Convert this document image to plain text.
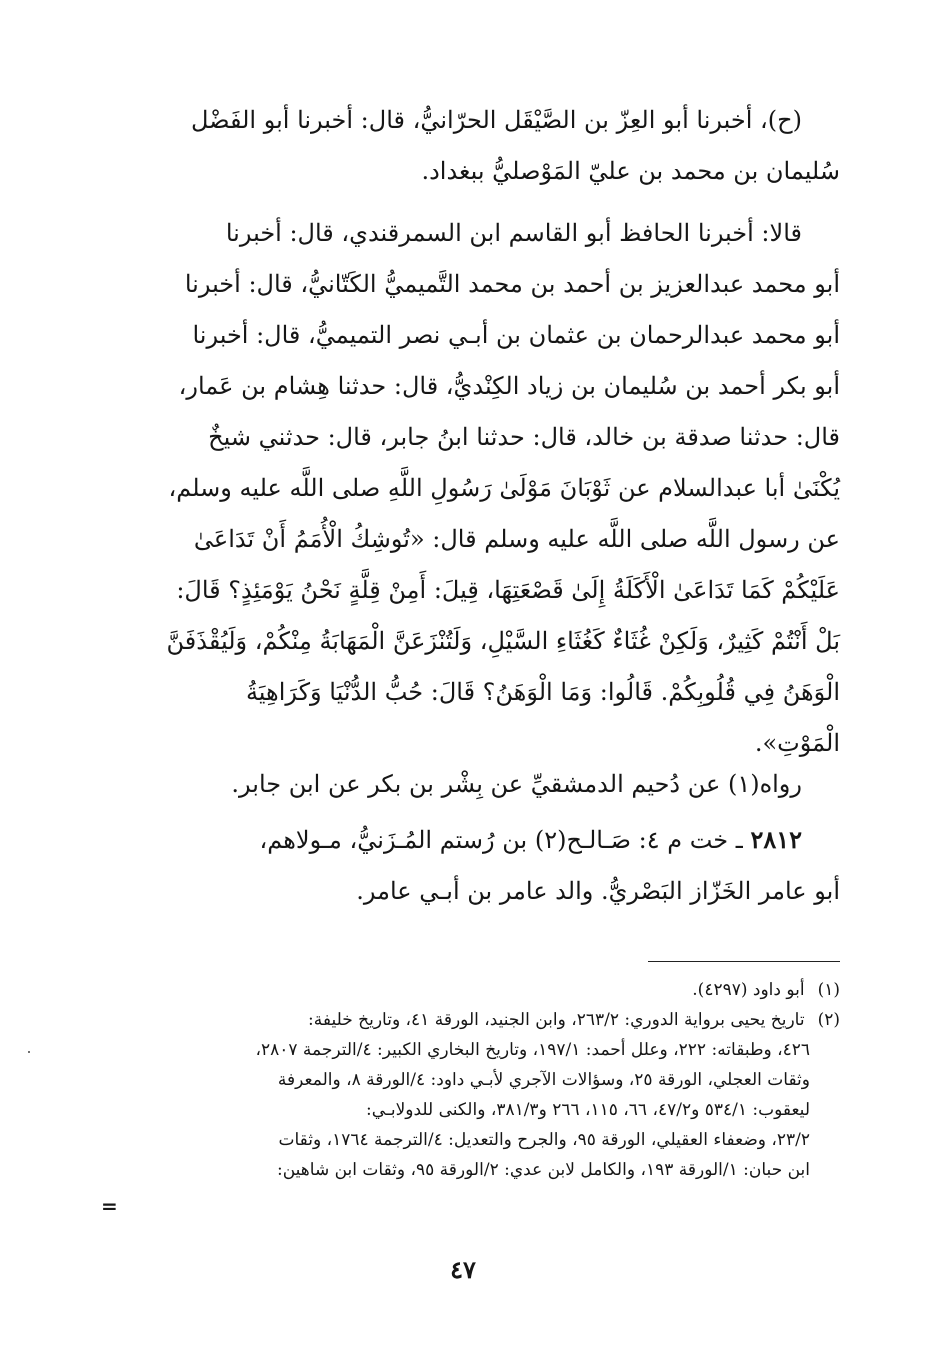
(ح)، أخبرنا أبو العِزّ بن الصَّيْقَل الحرّانيُّ، قال: أخبرنا أبو الفَضْل
سُليمان بن محمد بن عليّ المَوْصليُّ ببغداد.
قالا: أخبرنا الحافظ أبو القاسم ابن السمرقندي، قال: أخبرنا
أبو محمد عبدالعزيز بن أحمد بن محمد التَّميميُّ الكَتّانيُّ، قال: أخبرنا
أبو محمد عبدالرحمان بن عثمان بن أبـي نصر التميميُّ، قال: أخبرنا
أبو بكر أحمد بن سُليمان بن زياد الكِنْديُّ، قال: حدثنا هِشام بن عَمار،
قال: حدثنا صدقة بن خالد، قال: حدثنا ابنُ جابر، قال: حدثني شيخٌ
يُكْنَىٰ أبا عبدالسلام عن ثَوْبَانَ مَوْلَىٰ رَسُولِ اللَّهِ صلى اللَّه عليه وسلم،
عن رسول اللَّه صلى اللَّه عليه وسلم قال: «تُوشِكُ الْأُمَمُ أَنْ تَدَاعَىٰ
عَلَيْكُمْ كَمَا تَدَاعَىٰ الْأَكَلَةُ إِلَىٰ قَصْعَتِهَا، قِيلَ: أَمِنْ قِلَّةٍ نَحْنُ يَوْمَئِذٍ؟ قَالَ:
بَلْ أَنْتُمْ كَثِيرٌ، وَلَكِنْ غُثَاءٌ كَغُثَاءِ السَّيْلِ، وَلَتُنْزَعَنَّ الْمَهَابَةُ مِنْكُمْ، وَلَيُقْذَفَنَّ
الْوَهَنُ فِي قُلُوبِكُمْ. قَالُوا: وَمَا الْوَهَنُ؟ قَالَ: حُبُّ الدُّنْيَا وَكَرَاهِيَةُ
الْمَوْتِ».
رواه(١) عن دُحيم الدمشقيِّ عن بِشْر بن بكر عن ابن جابر.
٢٨١٢ ـ خت م ٤: صَـالـح(٢) بن رُستم المُـزَنيُّ، مـولاهم،
أبو عامر الخَزّاز البَصْريُّ. والد عامر بن أبـي عامر.
(١) أبو داود (٤٢٩٧).
(٢) تاريخ يحيى برواية الدوري: ٢٦٣/٢، وابن الجنيد، الورقة ٤١، وتاريخ خليفة:
٤٢٦، وطبقاته: ٢٢٢، وعلل أحمد: ١٩٧/١، وتاريخ البخاري الكبير: ٤/الترجمة ٢٨٠٧،
وثقات العجلي، الورقة ٢٥، وسؤالات الآجري لأبـي داود: ٤/الورقة ٨، والمعرفة
ليعقوب: ٥٣٤/١ و٤٧/٢، ٦٦، ١١٥، ٢٦٦ و٣٨١/٣، والكنى للدولابـي:
٢٣/٢، وضعفاء العقيلي، الورقة ٩٥، والجرح والتعديل: ٤/الترجمة ١٧٦٤، وثقات
ابن حبان: ١/الورقة ١٩٣، والكامل لابن عدي: ٢/الورقة ٩٥، وثقات ابن شاهين:
=
٤٧
